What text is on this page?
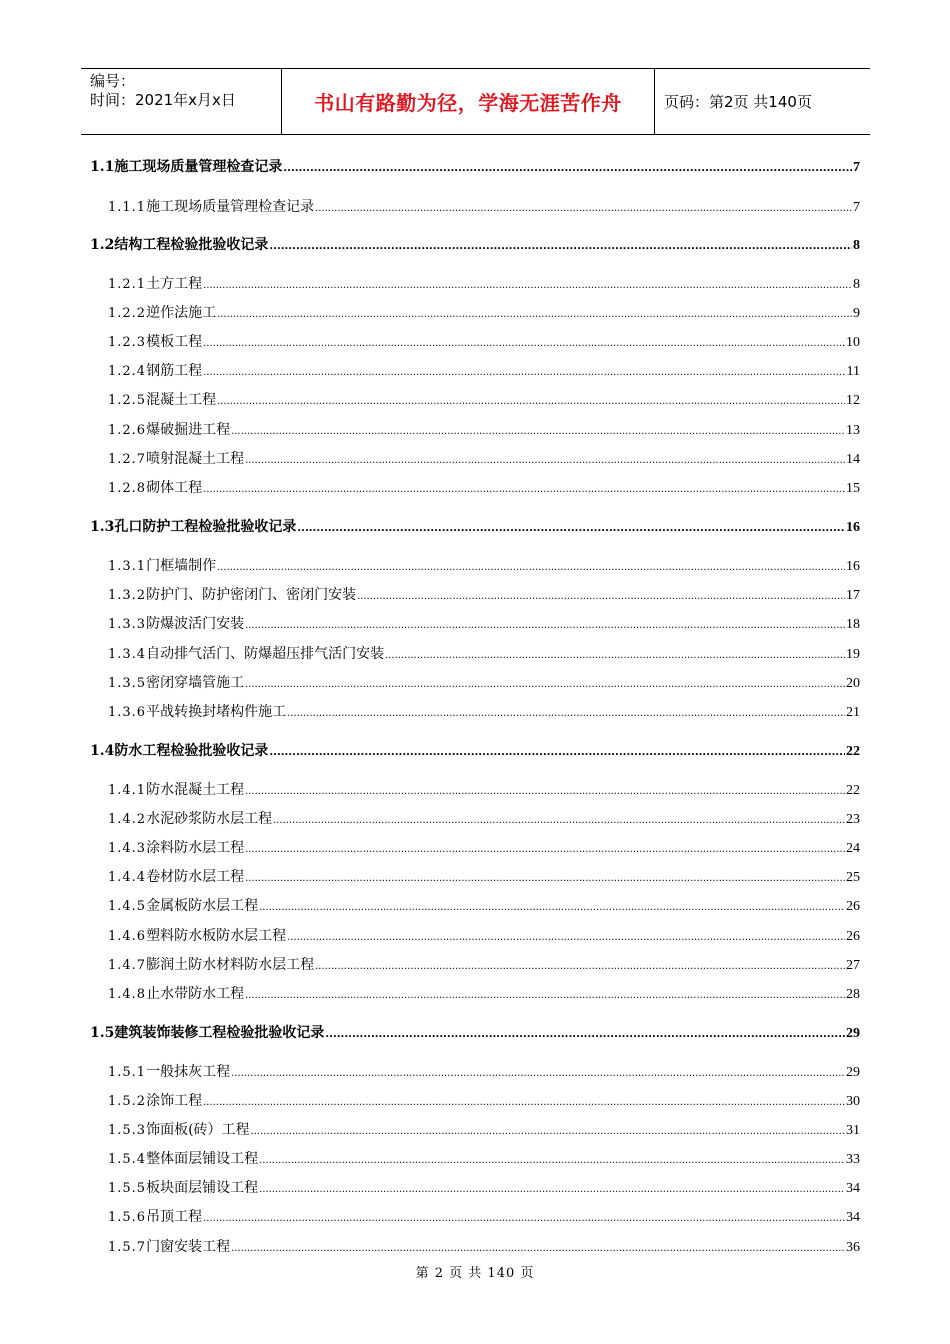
编号：
时间：2021年x月x日	书山有路勤为径，学海无涯苦作舟	页码：第2页 共140页
1.1 施工现场质量管理检查记录 .....	7
1.1.1 施工现场质量管理检查记录 .....	7
1.2 结构工程检验批验收记录 .....	8
1.2.1 土方工程 .....	8
1.2.2 逆作法施工 .....	9
1.2.3 模板工程 .....	10
1.2.4 钢筋工程 .....	11
1.2.5 混凝土工程 .....	12
1.2.6 爆破掘进工程 .....	13
1.2.7 喷射混凝土工程 .....	14
1.2.8 砌体工程 .....	15
1.3 孔口防护工程检验批验收记录 .....	16
1.3.1 门框墙制作 .....	16
1.3.2 防护门、防护密闭门、密闭门安装 .....	17
1.3.3 防爆波活门安装 .....	18
1.3.4 自动排气活门、防爆超压排气活门安装 .....	19
1.3.5 密闭穿墙管施工 .....	20
1.3.6 平战转换封堵构件施工 .....	21
1.4 防水工程检验批验收记录 .....	22
1.4.1 防水混凝土工程 .....	22
1.4.2 水泥砂浆防水层工程 .....	23
1.4.3 涂料防水层工程 .....	24
1.4.4 卷材防水层工程 .....	25
1.4.5 金属板防水层工程 .....	26
1.4.6 塑料防水板防水层工程 .....	26
1.4.7 膨润土防水材料防水层工程 .....	27
1.4.8 止水带防水工程 .....	28
1.5 建筑装饰装修工程检验批验收记录 .....	29
1.5.1 一般抹灰工程 .....	29
1.5.2 涂饰工程 .....	30
1.5.3 饰面板(砖）工程 .....	31
1.5.4 整体面层铺设工程 .....	33
1.5.5 板块面层铺设工程 .....	34
1.5.6 吊顶工程 .....	34
1.5.7 门窗安装工程 .....	36
第 2 页 共 140 页
